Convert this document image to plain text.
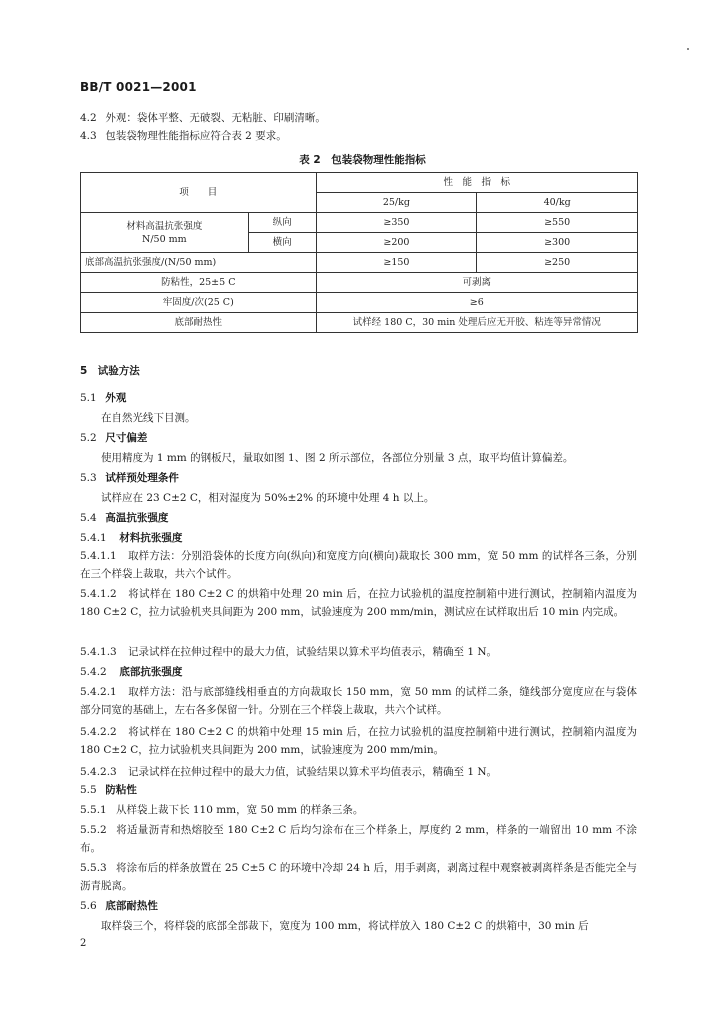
BB/T 0021—2001
4.2 外观：袋体平整、无破裂、无粘脏、印刷清晰。
4.3 包装袋物理性能指标应符合表 2 要求。
表 2　包装袋物理性能指标
项　　目		性　能　指　标	
		25/kg	40/kg
材料高温抗张强度
N/50 mm	纵向	≥350	≥550
	横向	≥200	≥300
底部高温抗张强度/(N/50 mm)		≥150	≥250
防粘性，25±5 C		可剥离	
牢固度/次(25 C)		≥6	
底部耐热性		试样经 180 C，30 min 处理后应无开胶、粘连等异常情况	
5　试验方法
5.1 外观
在自然光线下目测。
5.2 尺寸偏差
使用精度为 1 mm 的钢板尺，量取如图 1、图 2 所示部位，各部位分别量 3 点，取平均值计算偏差。
5.3 试样预处理条件
试样应在 23 C±2 C，相对湿度为 50%±2% 的环境中处理 4 h 以上。
5.4 高温抗张强度
5.4.1 材料抗张强度
5.4.1.1 取样方法：分别沿袋体的长度方向(纵向)和宽度方向(横向)裁取长 300 mm，宽 50 mm 的试样各三条，分别在三个样袋上裁取，共六个试件。
5.4.1.2 将试样在 180 C±2 C 的烘箱中处理 20 min 后，在拉力试验机的温度控制箱中进行测试，控制箱内温度为 180 C±2 C，拉力试验机夹具间距为 200 mm，试验速度为 200 mm/min，测试应在试样取出后 10 min 内完成。
5.4.1.3 记录试样在拉伸过程中的最大力值，试验结果以算术平均值表示，精确至 1 N。
5.4.2 底部抗张强度
5.4.2.1 取样方法：沿与底部缝线相垂直的方向裁取长 150 mm，宽 50 mm 的试样二条，缝线部分宽度应在与袋体部分同宽的基础上，左右各多保留一针。分别在三个样袋上裁取，共六个试样。
5.4.2.2 将试样在 180 C±2 C 的烘箱中处理 15 min 后，在拉力试验机的温度控制箱中进行测试，控制箱内温度为 180 C±2 C，拉力试验机夹具间距为 200 mm，试验速度为 200 mm/min。
5.4.2.3 记录试样在拉伸过程中的最大力值，试验结果以算术平均值表示，精确至 1 N。
5.5 防粘性
5.5.1 从样袋上裁下长 110 mm，宽 50 mm 的样条三条。
5.5.2 将适量沥青和热熔胶至 180 C±2 C 后均匀涂布在三个样条上，厚度约 2 mm，样条的一端留出 10 mm 不涂布。
5.5.3 将涂布后的样条放置在 25 C±5 C 的环境中冷却 24 h 后，用手剥离，剥离过程中观察被剥离样条是否能完全与沥青脱离。
5.6 底部耐热性
取样袋三个，将样袋的底部全部裁下，宽度为 100 mm，将试样放入 180 C±2 C 的烘箱中，30 min 后
2
